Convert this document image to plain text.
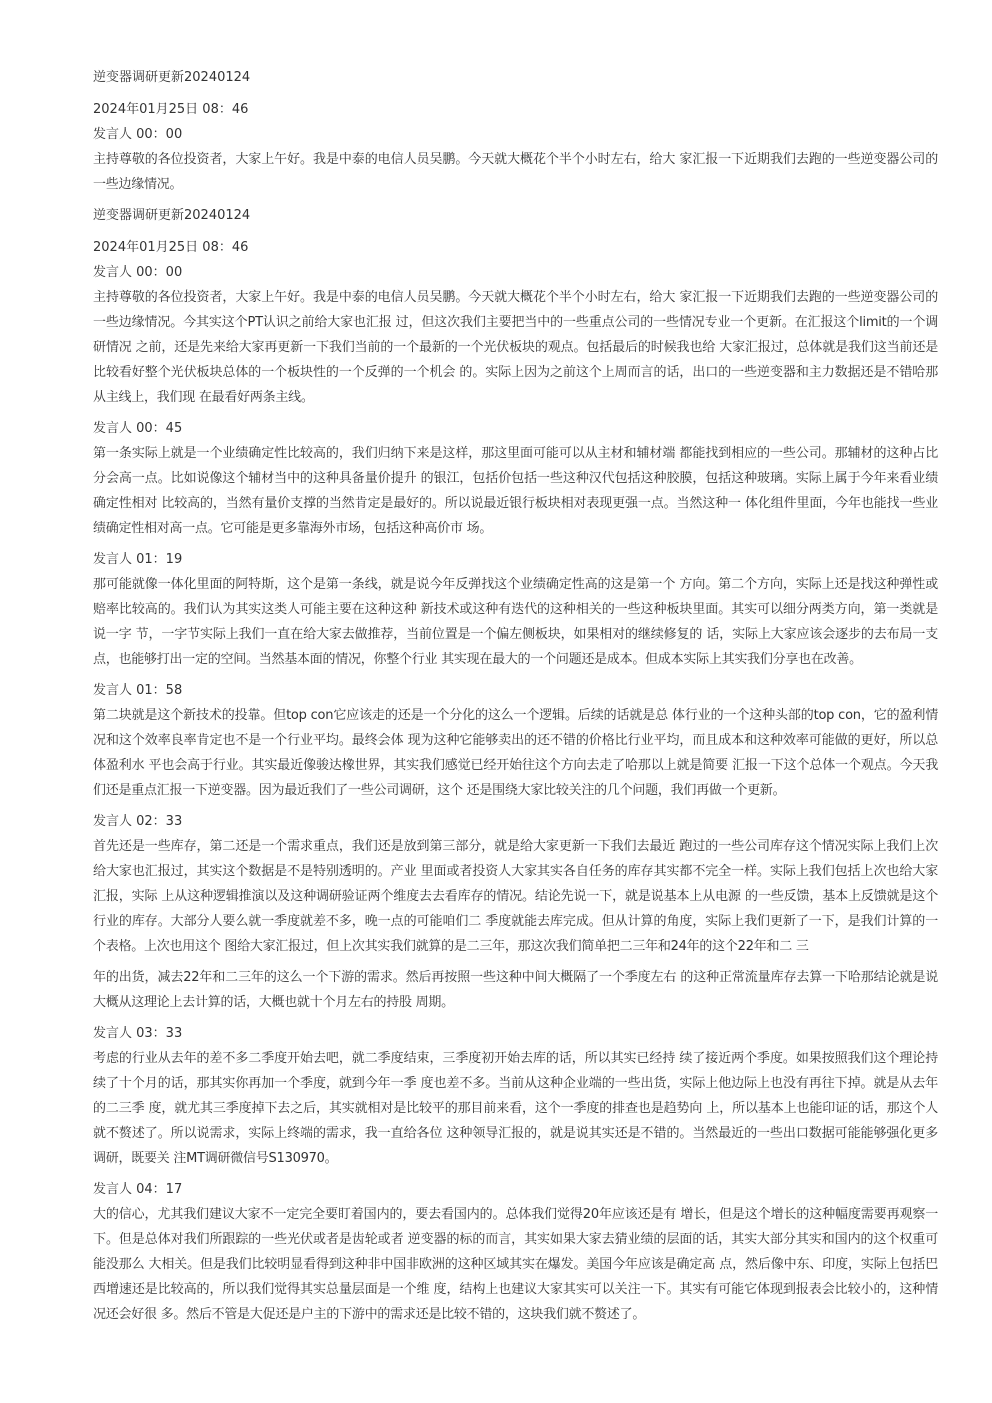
逆变器调研更新20240124

2024年01月25日 08：46

发言人 00：00

主持尊敬的各位投资者，大家上午好。我是中泰的电信人员吴鹏。今天就大概花个半个小时左右，给大 家汇报一下近期我们去跑的一些逆变器公司的一些边缘情况。

逆变器调研更新20240124

2024年01月25日 08：46

发言人 00：00

主持尊敬的各位投资者，大家上午好。我是中泰的电信人员吴鹏。今天就大概花个半个小时左右，给大 家汇报一下近期我们去跑的一些逆变器公司的一些边缘情况。今其实这个PT认识之前给大家也汇报 过，但这次我们主要把当中的一些重点公司的一些情况专业一个更新。在汇报这个limit的一个调研情况 之前，还是先来给大家再更新一下我们当前的一个最新的一个光伏板块的观点。包括最后的时候我也给 大家汇报过，总体就是我们这当前还是比较看好整个光伏板块总体的一个板块性的一个反弹的一个机会 的。实际上因为之前这个上周而言的话，出口的一些逆变器和主力数据还是不错哈那从主线上，我们现 在最看好两条主线。

发言人 00：45

第一条实际上就是一个业绩确定性比较高的，我们归纳下来是这样，那这里面可能可以从主材和辅材端 都能找到相应的一些公司。那辅材的这种占比分会高一点。比如说像这个辅材当中的这种具备量价提升 的银江，包括价包括一些这种汉代包括这种胶膜，包括这种玻璃。实际上属于今年来看业绩确定性相对 比较高的，当然有量价支撑的当然肯定是最好的。所以说最近银行板块相对表现更强一点。当然这种一 体化组件里面，今年也能找一些业绩确定性相对高一点。它可能是更多靠海外市场，包括这种高价市 场。

发言人 01：19

那可能就像一体化里面的阿特斯，这个是第一条线，就是说今年反弹找这个业绩确定性高的这是第一个 方向。第二个方向，实际上还是找这种弹性或赔率比较高的。我们认为其实这类人可能主要在这种这种 新技术或这种有迭代的这种相关的一些这种板块里面。其实可以细分两类方向，第一类就是说一字 节，一字节实际上我们一直在给大家去做推荐，当前位置是一个偏左侧板块，如果相对的继续修复的 话，实际上大家应该会逐步的去布局一支点，也能够打出一定的空间。当然基本面的情况，你整个行业 其实现在最大的一个问题还是成本。但成本实际上其实我们分享也在改善。

发言人 01：58

第二块就是这个新技术的投靠。但top con它应该走的还是一个分化的这么一个逻辑。后续的话就是总 体行业的一个这种头部的top con，它的盈利情况和这个效率良率肯定也不是一个行业平均。最终会体 现为这种它能够卖出的还不错的价格比行业平均，而且成本和这种效率可能做的更好，所以总体盈利水 平也会高于行业。其实最近像骏达橡世界，其实我们感觉已经开始往这个方向去走了哈那以上就是简要 汇报一下这个总体一个观点。今天我们还是重点汇报一下逆变器。因为最近我们了一些公司调研，这个 还是围绕大家比较关注的几个问题，我们再做一个更新。

发言人 02：33

首先还是一些库存，第二还是一个需求重点，我们还是放到第三部分，就是给大家更新一下我们去最近 跑过的一些公司库存这个情况实际上我们上次给大家也汇报过，其实这个数据是不是特别透明的。产业 里面或者投资人大家其实各自任务的库存其实都不完全一样。实际上我们包括上次也给大家汇报，实际 上从这种逻辑推演以及这种调研验证两个维度去去看库存的情况。结论先说一下，就是说基本上从电源 的一些反馈，基本上反馈就是这个行业的库存。大部分人要么就一季度就差不多，晚一点的可能咱们二 季度就能去库完成。但从计算的角度，实际上我们更新了一下，是我们计算的一个表格。上次也用这个 图给大家汇报过，但上次其实我们就算的是二三年，那这次我们简单把二三年和24年的这个22年和二 三

年的出货，减去22年和二三年的这么一个下游的需求。然后再按照一些这种中间大概隔了一个季度左右 的这种正常流量库存去算一下哈那结论就是说大概从这理论上去计算的话，大概也就十个月左右的持股 周期。

发言人 03：33

考虑的行业从去年的差不多二季度开始去吧，就二季度结束，三季度初开始去库的话，所以其实已经持 续了接近两个季度。如果按照我们这个理论持续了十个月的话，那其实你再加一个季度，就到今年一季 度也差不多。当前从这种企业端的一些出货，实际上他边际上也没有再往下掉。就是从去年的二三季 度，就尤其三季度掉下去之后，其实就相对是比较平的那目前来看，这个一季度的排查也是趋势向 上，所以基本上也能印证的话，那这个人就不赘述了。所以说需求，实际上终端的需求，我一直给各位 这种领导汇报的，就是说其实还是不错的。当然最近的一些出口数据可能能够强化更多调研，既要关 注MT调研微信号S130970。

发言人 04：17

大的信心，尤其我们建议大家不一定完全要盯着国内的，要去看国内的。总体我们觉得20年应该还是有 增长，但是这个增长的这种幅度需要再观察一下。但是总体对我们所跟踪的一些光伏或者是齿轮或者 逆变器的标的而言，其实如果大家去猜业绩的层面的话，其实大部分其实和国内的这个权重可能没那么 大相关。但是我们比较明显看得到这种非中国非欧洲的这种区域其实在爆发。美国今年应该是确定高 点，然后像中东、印度，实际上包括巴西增速还是比较高的，所以我们觉得其实总量层面是一个维 度，结构上也建议大家其实可以关注一下。其实有可能它体现到报表会比较小的，这种情况还会好很 多。然后不管是大促还是户主的下游中的需求还是比较不错的，这块我们就不赘述了。
